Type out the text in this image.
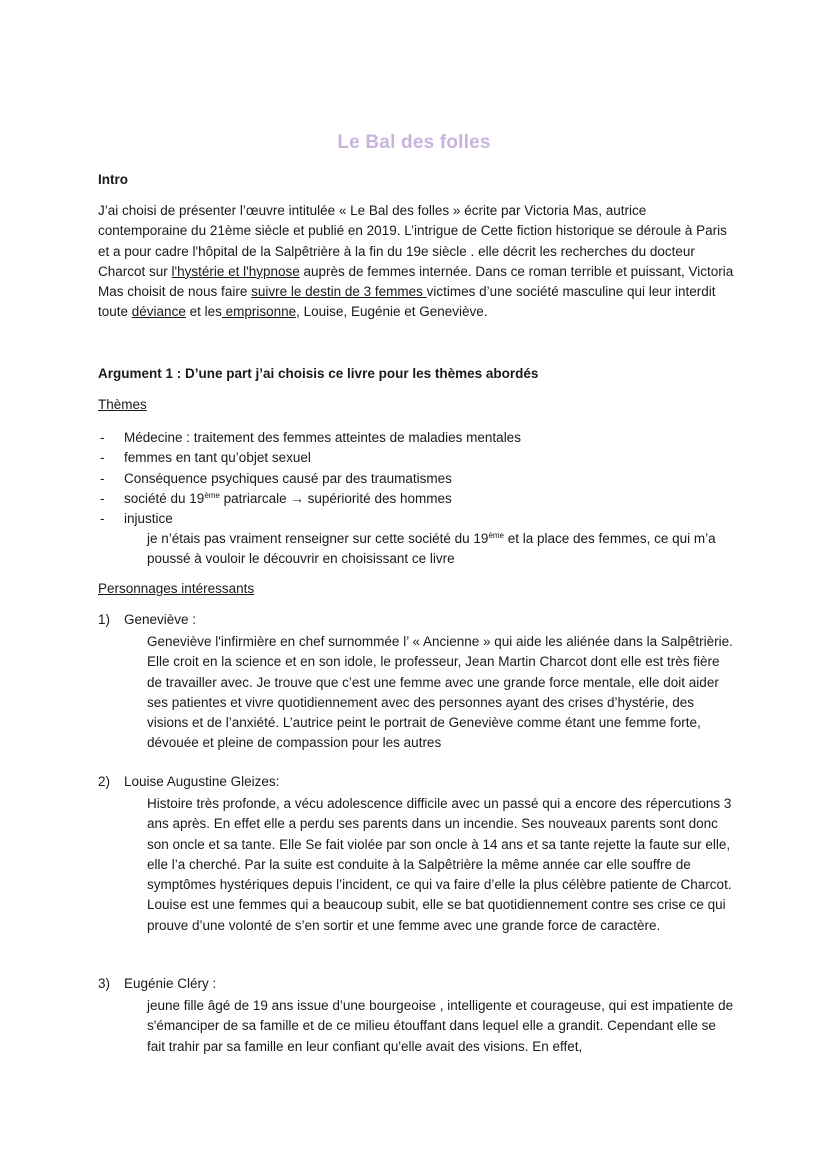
Le Bal des folles
Intro

J’ai choisi de présenter l’œuvre intitulée « Le Bal des folles » écrite par Victoria Mas, autrice contemporaine du 21ème siècle et publié en 2019. L’intrigue de Cette fiction historique se déroule à Paris et a pour cadre l'hôpital de la Salpêtrière à la fin du 19e siècle . elle décrit les recherches du docteur Charcot sur l'hystérie et l'hypnose auprès de femmes internée. Dans ce roman terrible et puissant, Victoria Mas choisit de nous faire suivre le destin de 3 femmes victimes d’une société masculine qui leur interdit toute déviance et les emprisonne, Louise, Eugénie et Geneviève.

Argument 1 : D’une part j’ai choisis ce livre pour les thèmes abordés
Thèmes
- Médecine : traitement des femmes atteintes de maladies mentales
- femmes en tant qu’objet sexuel
- Conséquence psychiques causé par des traumatismes
- société du 19ème patriarcale → supériorité des hommes
- injustice

je n’étais pas vraiment renseigner sur cette société du 19ème et la place des femmes, ce qui m’a poussé à vouloir le découvrir en choisissant ce livre

Personnages intéressants
1) Geneviève :

Geneviève l'infirmière en chef surnommée l’ « Ancienne » qui aide les aliénée dans la Salpêtrièrie. Elle croit en la science et en son idole, le professeur, Jean Martin Charcot dont elle est très fière de travailler avec. Je trouve que c’est une femme avec une grande force mentale, elle doit aider ses patientes et vivre quotidiennement avec des personnes ayant des crises d’hystérie, des visions et de l’anxiété. L’autrice peint le portrait de Geneviève comme étant une femme forte, dévouée et pleine de compassion pour les autres

2) Louise Augustine Gleizes:

Histoire très profonde, a vécu adolescence difficile avec un passé qui a encore des répercutions 3 ans après. En effet elle a perdu ses parents dans un incendie. Ses nouveaux parents sont donc son oncle et sa tante. Elle Se fait violée par son oncle à 14 ans et sa tante rejette la faute sur elle, elle l’a cherché. Par la suite est conduite à la Salpêtrière la même année car elle souffre de symptômes hystériques depuis l’incident, ce qui va faire d’elle la plus célèbre patiente de Charcot. Louise est une femmes qui a beaucoup subit, elle se bat quotidiennement contre ses crise ce qui prouve d’une volonté de s’en sortir et une femme avec une grande force de caractère.

3) Eugénie Cléry :

jeune fille âgé de 19 ans issue d’une bourgeoise , intelligente et courageuse, qui est impatiente de s'émanciper de sa famille et de ce milieu étouffant dans lequel elle a grandit. Cependant elle se fait trahir par sa famille en leur confiant qu'elle avait des visions. En effet,
